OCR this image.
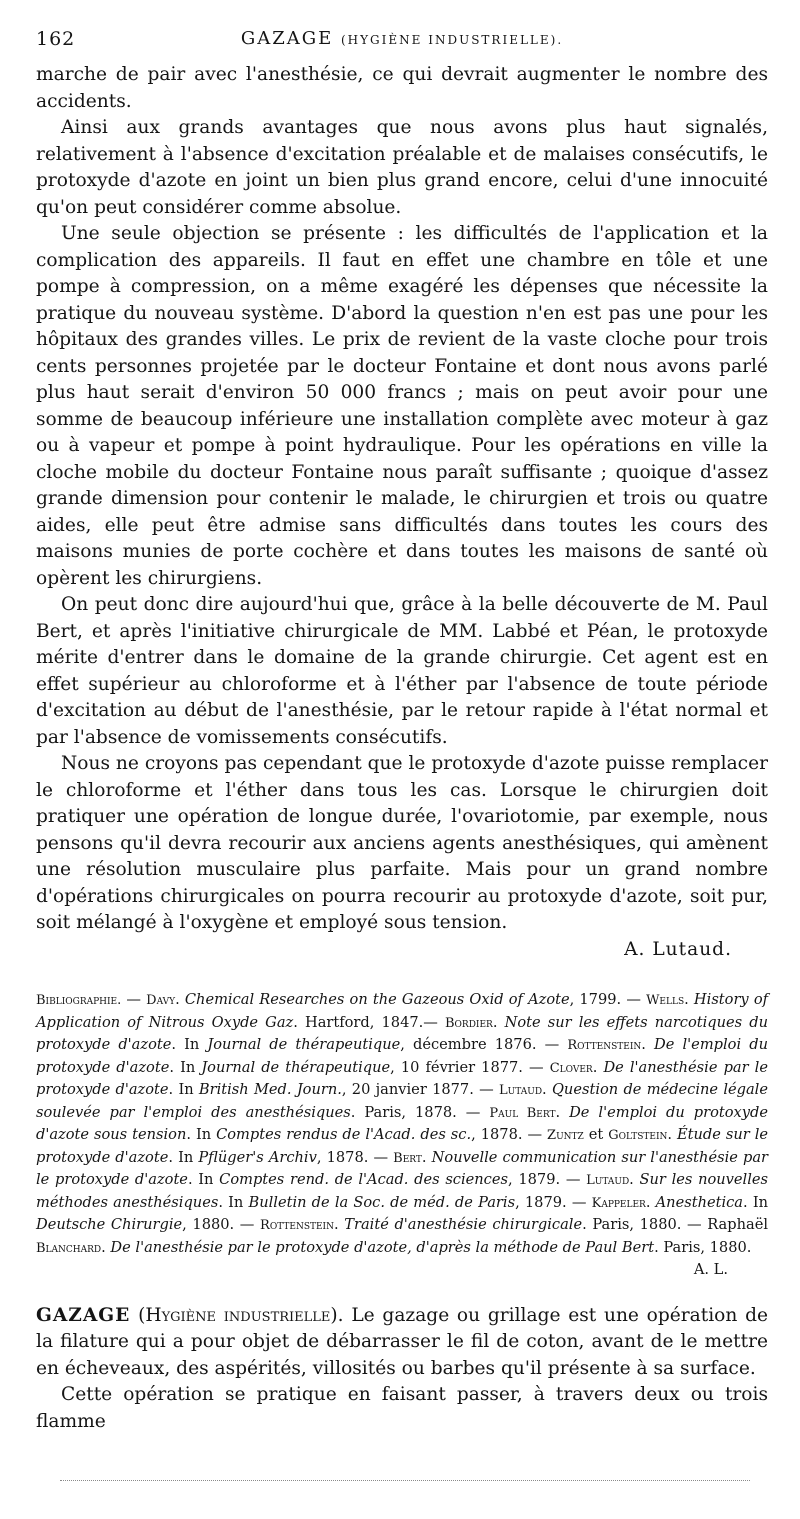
162	GAZAGE (HYGIÈNE INDUSTRIELLE).

marche de pair avec l'anesthésie, ce qui devrait augmenter le nombre des accidents.

Ainsi aux grands avantages que nous avons plus haut signalés, relativement à l'absence d'excitation préalable et de malaises consécutifs, le protoxyde d'azote en joint un bien plus grand encore, celui d'une innocuité qu'on peut considérer comme absolue.

Une seule objection se présente : les difficultés de l'application et la complication des appareils. Il faut en effet une chambre en tôle et une pompe à compression, on a même exagéré les dépenses que nécessite la pratique du nouveau système. D'abord la question n'en est pas une pour les hôpitaux des grandes villes. Le prix de revient de la vaste cloche pour trois cents personnes projetée par le docteur Fontaine et dont nous avons parlé plus haut serait d'environ 50 000 francs ; mais on peut avoir pour une somme de beaucoup inférieure une installation complète avec moteur à gaz ou à vapeur et pompe à point hydraulique. Pour les opérations en ville la cloche mobile du docteur Fontaine nous paraît suffisante ; quoique d'assez grande dimension pour contenir le malade, le chirurgien et trois ou quatre aides, elle peut être admise sans difficultés dans toutes les cours des maisons munies de porte cochère et dans toutes les maisons de santé où opèrent les chirurgiens.

On peut donc dire aujourd'hui que, grâce à la belle découverte de M. Paul Bert, et après l'initiative chirurgicale de MM. Labbé et Péan, le protoxyde mérite d'entrer dans le domaine de la grande chirurgie. Cet agent est en effet supérieur au chloroforme et à l'éther par l'absence de toute période d'excitation au début de l'anesthésie, par le retour rapide à l'état normal et par l'absence de vomissements consécutifs.

Nous ne croyons pas cependant que le protoxyde d'azote puisse remplacer le chloroforme et l'éther dans tous les cas. Lorsque le chirurgien doit pratiquer une opération de longue durée, l'ovariotomie, par exemple, nous pensons qu'il devra recourir aux anciens agents anesthésiques, qui amènent une résolution musculaire plus parfaite. Mais pour un grand nombre d'opérations chirurgicales on pourra recourir au protoxyde d'azote, soit pur, soit mélangé à l'oxygène et employé sous tension.

A. Lutaud.
Bibliographie. — Davy. Chemical Researches on the Gazeous Oxid of Azote, 1799. — Wells. History of Application of Nitrous Oxyde Gaz. Hartford, 1847.— Bordier. Note sur les effets narcotiques du protoxyde d'azote. In Journal de thérapeutique, décembre 1876. — Rottenstein. De l'emploi du protoxyde d'azote. In Journal de thérapeutique, 10 février 1877. — Clover. De l'anesthésie par le protoxyde d'azote. In British Med. Journ., 20 janvier 1877. — Lutaud. Question de médecine légale soulevée par l'emploi des anesthésiques. Paris, 1878. — Paul Bert. De l'emploi du protoxyde d'azote sous tension. In Comptes rendus de l'Acad. des sc., 1878. — Zuntz et Goltstein. Étude sur le protoxyde d'azote. In Pflüger's Archiv, 1878. — Bert. Nouvelle communication sur l'anesthésie par le protoxyde d'azote. In Comptes rend. de l'Acad. des sciences, 1879. — Lutaud. Sur les nouvelles méthodes anesthésiques. In Bulletin de la Soc. de méd. de Paris, 1879. — Kappeler. Anesthetica. In Deutsche Chirurgie, 1880. — Rottenstein. Traité d'anesthésie chirurgicale. Paris, 1880. — Raphaël Blanchard. De l'anesthésie par le protoxyde d'azote, d'après la méthode de Paul Bert. Paris, 1880.
A. L.

GAZAGE (Hygiène industrielle). Le gazage ou grillage est une opération de la filature qui a pour objet de débarrasser le fil de coton, avant de le mettre en écheveaux, des aspérités, villosités ou barbes qu'il présente à sa surface.

Cette opération se pratique en faisant passer, à travers deux ou trois flamme
